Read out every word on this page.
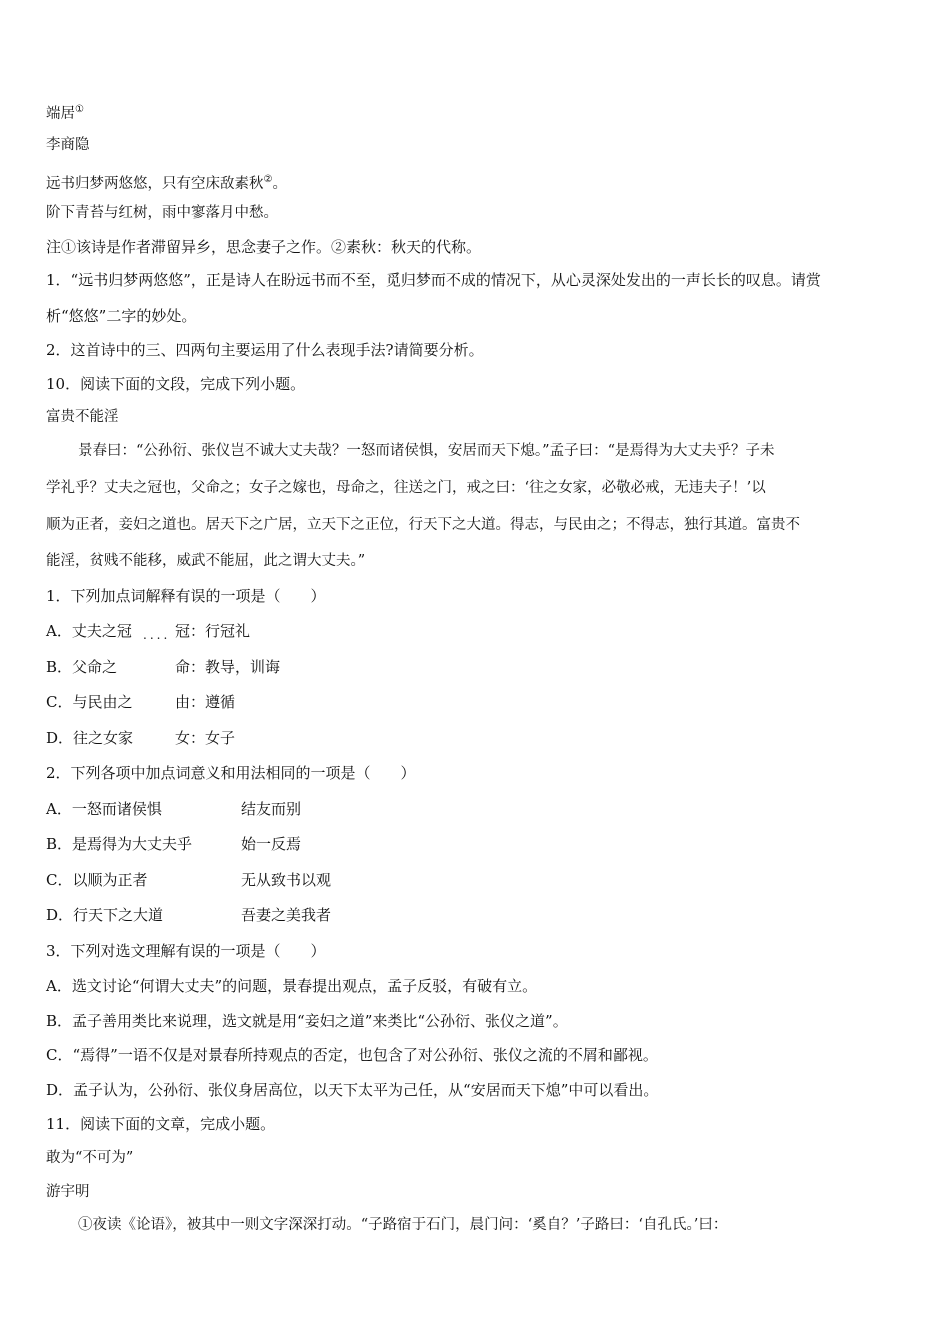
端居①
李商隐
远书归梦两悠悠，只有空床敌素秋②。
阶下青苔与红树，雨中寥落月中愁。
注①该诗是作者滞留异乡，思念妻子之作。②素秋：秋天的代称。
1．“远书归梦两悠悠”，正是诗人在盼远书而不至，觅归梦而不成的情况下，从心灵深处发出的一声长长的叹息。请赏
析“悠悠”二字的妙处。
2．这首诗中的三、四两句主要运用了什么表现手法?请简要分析。
10．阅读下面的文段，完成下列小题。
富贵不能淫
景春曰：“公孙衍、张仪岂不诚大丈夫哉？一怒而诸侯惧，安居而天下熄。”孟子曰：“是焉得为大丈夫乎？子未
学礼乎？丈夫之冠也，父命之；女子之嫁也，母命之，往送之门，戒之曰：‘往之女家，必敬必戒，无违夫子！’以
顺为正者，妾妇之道也。居天下之广居，立天下之正位，行天下之大道。得志，与民由之；不得志，独行其道。富贵不
能淫，贫贱不能移，威武不能屈，此之谓大丈夫。”
1．下列加点词解释有误的一项是（　　）
A．丈夫之冠 .... 冠：行冠礼
B．父命之	命：教导，训诲
C．与民由之	由：遵循
D．往之女家	女：女子
2．下列各项中加点词意义和用法相同的一项是（　　）
A．一怒而诸侯惧	结友而别
B．是焉得为大丈夫乎	始一反焉
C．以顺为正者	无从致书以观
D．行天下之大道	吾妻之美我者
3．下列对选文理解有误的一项是（　　）
A．选文讨论“何谓大丈夫”的问题，景春提出观点，孟子反驳，有破有立。
B．孟子善用类比来说理，选文就是用“妾妇之道”来类比“公孙衍、张仪之道”。
C．“焉得”一语不仅是对景春所持观点的否定，也包含了对公孙衍、张仪之流的不屑和鄙视。
D．孟子认为，公孙衍、张仪身居高位，以天下太平为己任，从“安居而天下熄”中可以看出。
11．阅读下面的文章，完成小题。
敢为“不可为”
游宇明
①夜读《论语》，被其中一则文字深深打动。“子路宿于石门，晨门问：‘奚自？’子路曰：‘自孔氏。’曰：
